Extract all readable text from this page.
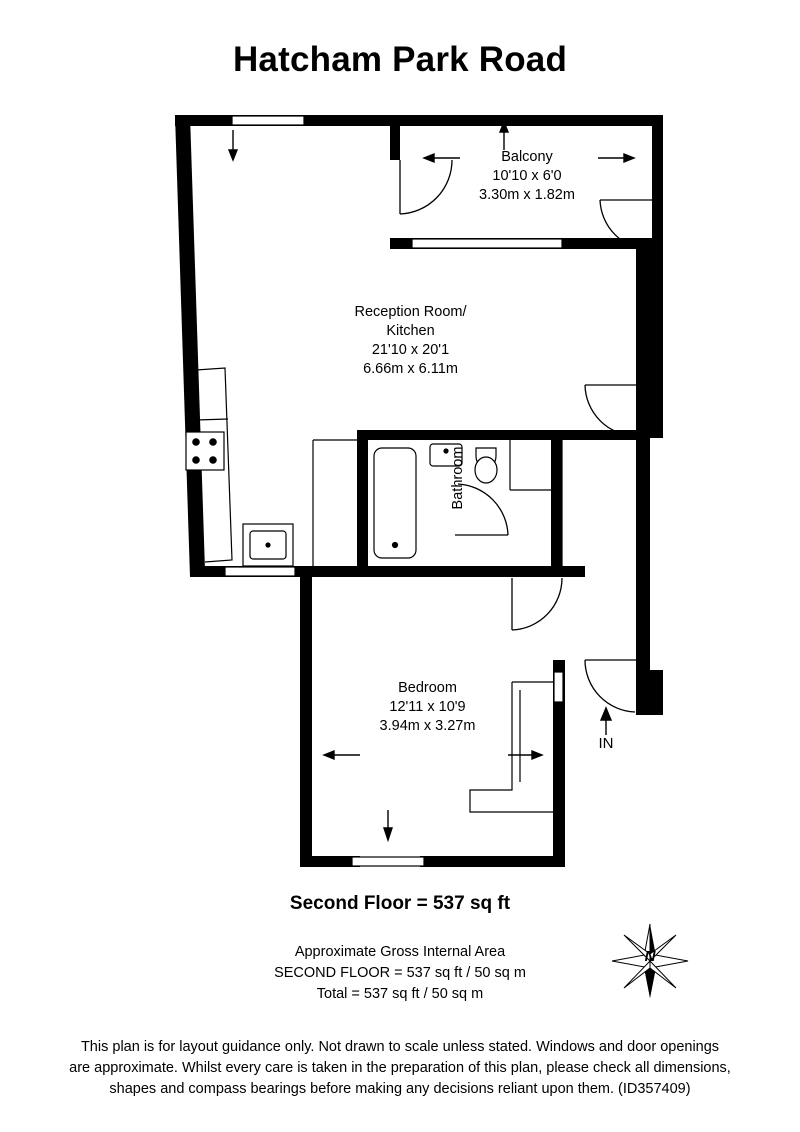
Hatcham Park Road
Balcony
10'10 x 6'0
3.30m x 1.82m
Reception Room/
Kitchen
21'10 x 20'1
6.66m x 6.11m
Bathroom
Bedroom
12'11 x 10'9
3.94m x 3.27m
IN
Second Floor = 537 sq ft
Approximate Gross Internal Area
SECOND FLOOR = 537 sq ft / 50 sq m
Total = 537 sq ft / 50 sq m
N
This plan is for layout guidance only. Not drawn to scale unless stated. Windows and door openings
are approximate. Whilst every care is taken in the preparation of this plan, please check all dimensions,
shapes and compass bearings before making any decisions reliant upon them. (ID357409)
